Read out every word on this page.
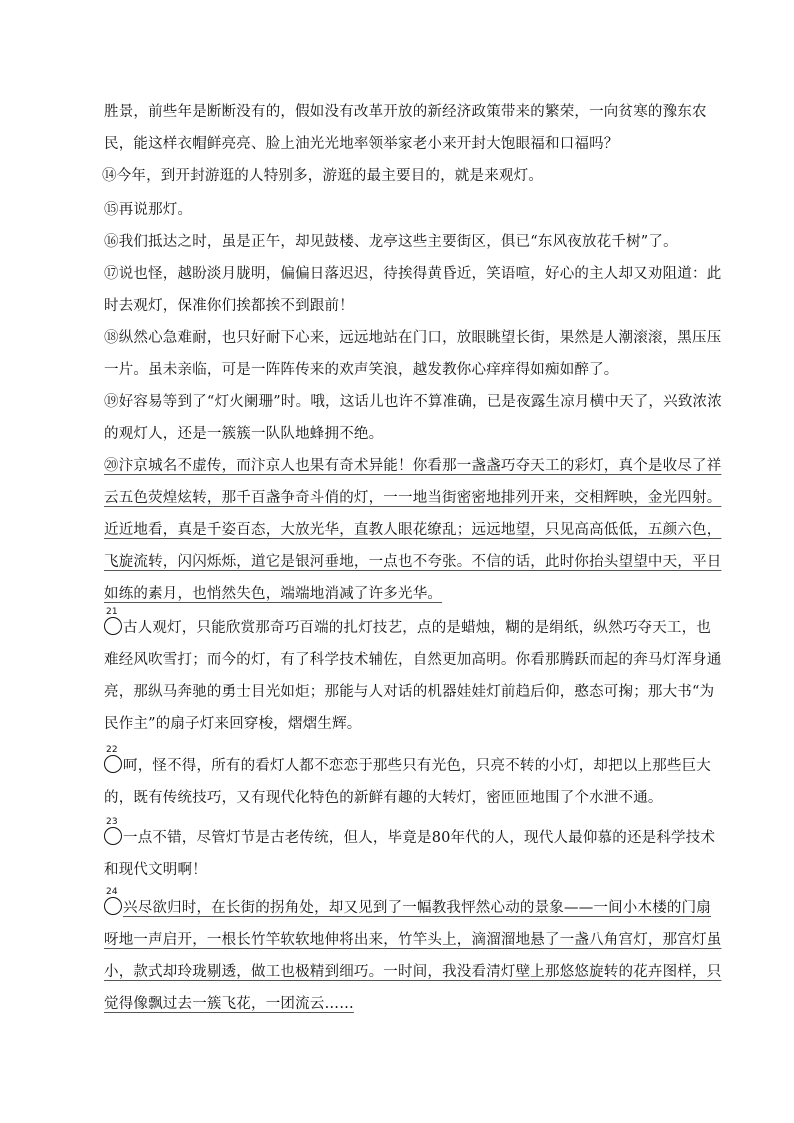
胜景，前些年是断断没有的，假如没有改革开放的新经济政策带来的繁荣，一向贫寒的豫东农民，能这样衣帽鲜亮亮、脸上油光光地率领举家老小来开封大饱眼福和口福吗？

⑭今年，到开封游逛的人特别多，游逛的最主要目的，就是来观灯。

⑮再说那灯。

⑯我们抵达之时，虽是正午，却见鼓楼、龙亭这些主要街区，俱已“东风夜放花千树”了。

⑰说也怪，越盼淡月胧明，偏偏日落迟迟，待挨得黄昏近，笑语喧，好心的主人却又劝阻道：此时去观灯，保准你们挨都挨不到跟前！

⑱纵然心急难耐，也只好耐下心来，远远地站在门口，放眼眺望长街，果然是人潮滚滚，黑压压一片。虽未亲临，可是一阵阵传来的欢声笑浪，越发教你心痒痒得如痴如醉了。

⑲好容易等到了“灯火阑珊”时。哦，这话儿也许不算准确，已是夜露生凉月横中天了，兴致浓浓的观灯人，还是一簇簇一队队地蜂拥不绝。

⑳汴京城名不虚传，而汴京人也果有奇术异能！你看那一盏盏巧夺天工的彩灯，真个是收尽了祥云五色荧煌炫转，那千百盏争奇斗俏的灯，一一地当街密密地排列开来，交相辉映，金光四射。近近地看，真是千姿百态，大放光华，直教人眼花缭乱；远远地望，只见高高低低，五颜六色，飞旋流转，闪闪烁烁，道它是银河垂地，一点也不夸张。不信的话，此时你抬头望望中天，平日如练的素月，也悄然失色，端端地消减了许多光华。

21
古人观灯，只能欣赏那奇巧百端的扎灯技艺，点的是蜡烛，糊的是绢纸，纵然巧夺天工，也难经风吹雪打；而今的灯，有了科学技术辅佐，自然更加高明。你看那腾跃而起的奔马灯浑身通亮，那纵马奔驰的勇士目光如炬；那能与人对话的机器娃娃灯前趋后仰，憨态可掬；那大书“为民作主”的扇子灯来回穿梭，熠熠生辉。

22
呵，怪不得，所有的看灯人都不恋恋于那些只有光色，只亮不转的小灯，却把以上那些巨大的，既有传统技巧，又有现代化特色的新鲜有趣的大转灯，密匝匝地围了个水泄不通。

23
一点不错，尽管灯节是古老传统，但人，毕竟是80年代的人，现代人最仰慕的还是科学技术和现代文明啊！

24
兴尽欲归时，在长街的拐角处，却又见到了一幅教我怦然心动的景象——一间小木楼的门扇呀地一声启开，一根长竹竿软软地伸将出来，竹竿头上，滴溜溜地悬了一盏八角宫灯，那宫灯虽小，款式却玲珑剔透，做工也极精到细巧。一时间，我没看清灯壁上那悠悠旋转的花卉图样，只觉得像飘过去一簇飞花，一团流云……
